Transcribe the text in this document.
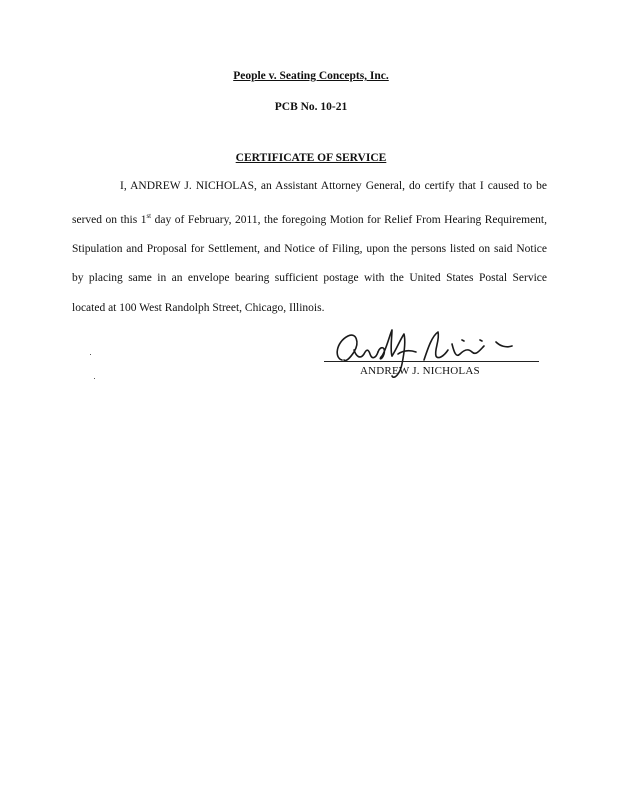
People v. Seating Concepts, Inc.
PCB No. 10-21
CERTIFICATE OF SERVICE
I, ANDREW J. NICHOLAS, an Assistant Attorney General, do certify that I caused to be served on this 1st day of February, 2011, the foregoing Motion for Relief From Hearing Requirement, Stipulation and Proposal for Settlement, and Notice of Filing, upon the persons listed on said Notice by placing same in an envelope bearing sufficient postage with the United States Postal Service located at 100 West Randolph Street, Chicago, Illinois.
ANDREW J. NICHOLAS
